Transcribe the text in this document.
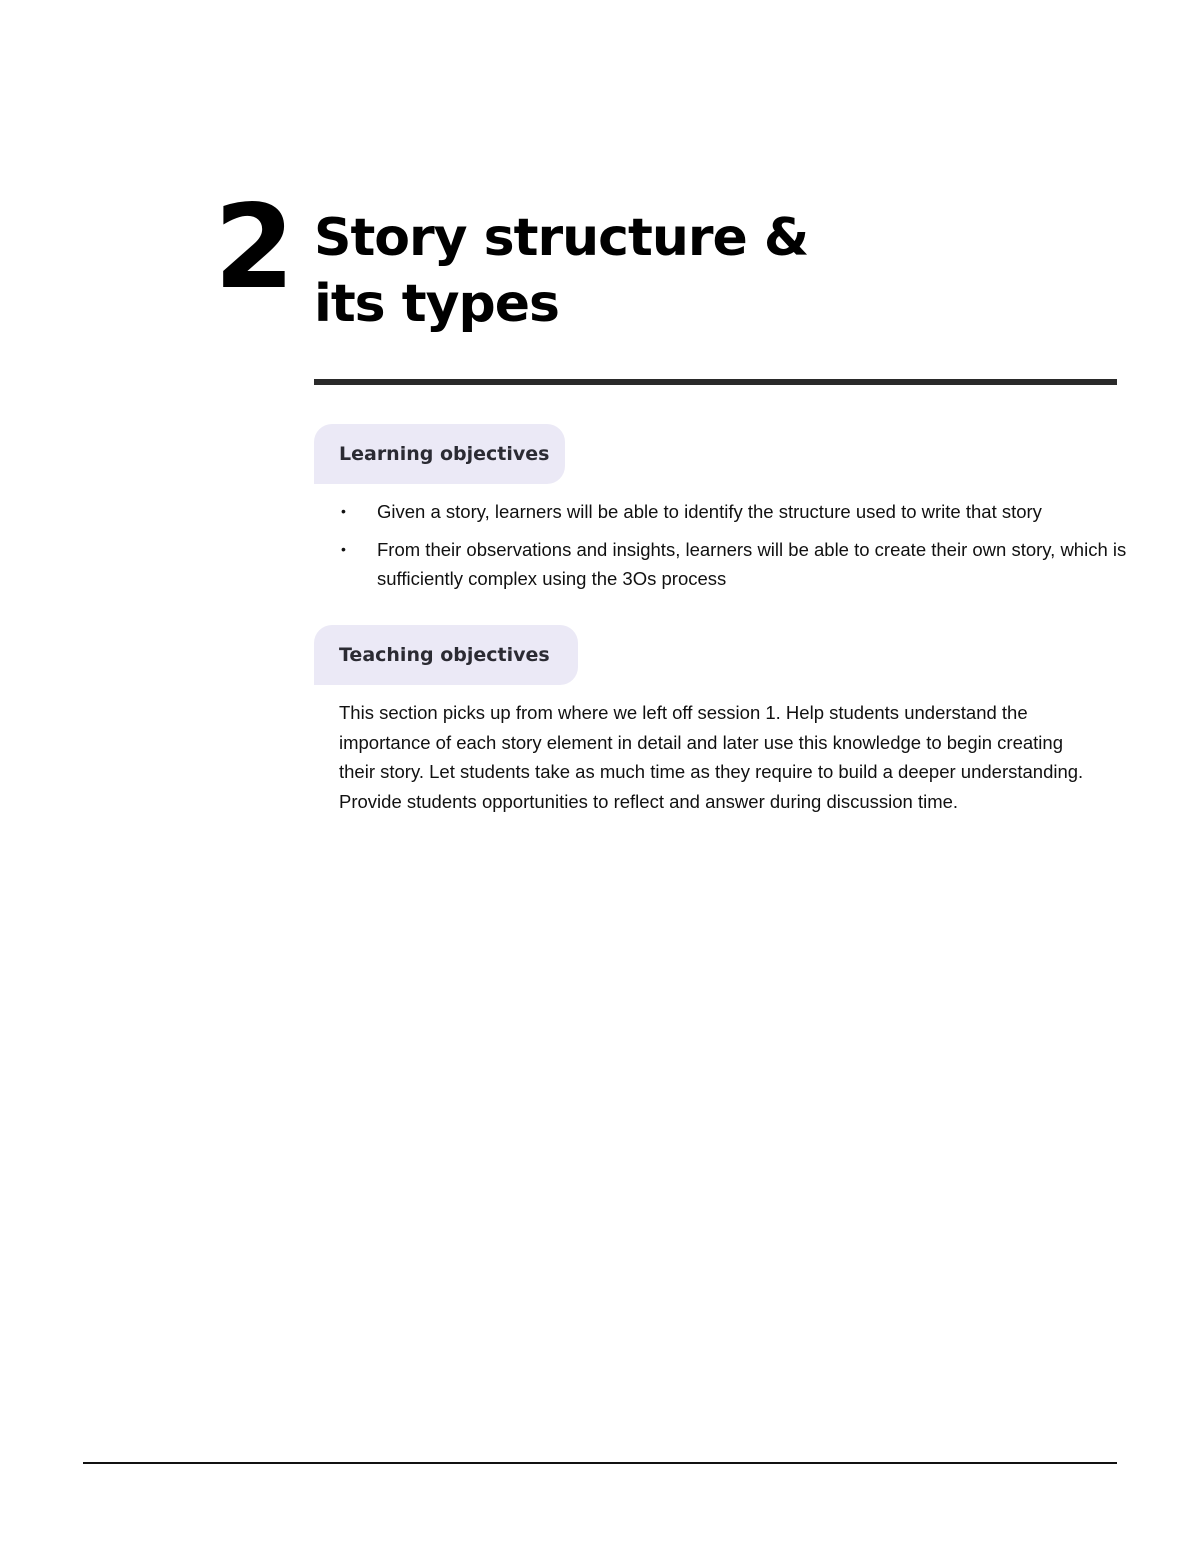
2 Story structure &
its types
Learning objectives
• Given a story, learners will be able to identify the structure used to write that story
• From their observations and insights, learners will be able to create their own story, which is sufficiently complex using the 3Os process
Teaching objectives

This section picks up from where we left off session 1. Help students understand the importance of each story element in detail and later use this knowledge to begin creating their story. Let students take as much time as they require to build a deeper understanding. Provide students opportunities to reflect and answer during discussion time.
